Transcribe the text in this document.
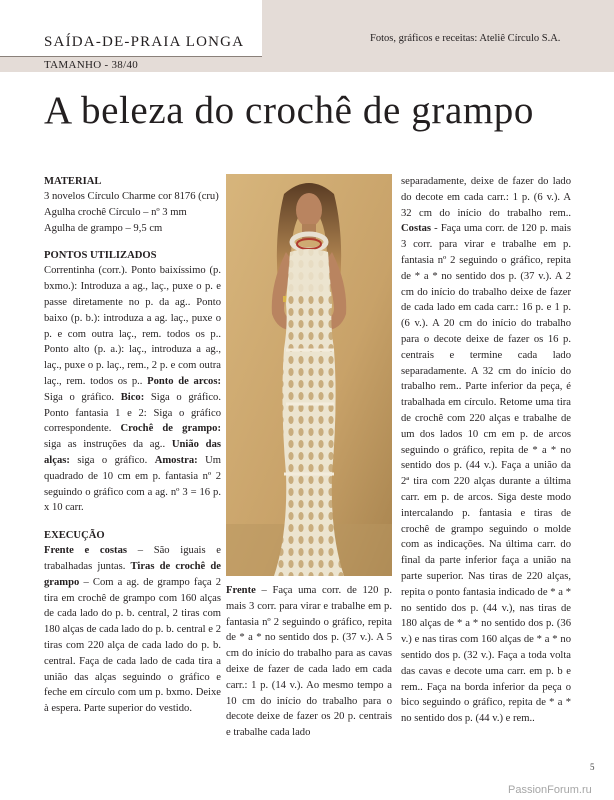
SAÍDA-DE-PRAIA LONGA
TAMANHO - 38/40
Fotos, gráficos e receitas: Ateliê Círculo S.A.
A beleza do crochê de grampo

MATERIAL

3 novelos Círculo Charme cor 8176 (cru)

Agulha crochê Círculo – nº 3 mm

Agulha de grampo – 9,5 cm

PONTOS UTILIZADOS

Correntinha (corr.). Ponto baixíssimo (p. bxmo.): Introduza a ag., laç., puxe o p. e passe diretamente no p. da ag.. Ponto baixo (p. b.): introduza a ag. laç., puxe o p. e com outra laç., rem. todos os p.. Ponto alto (p. a.): laç., introduza a ag., laç., puxe o p. laç., rem., 2 p. e com outra laç., rem. todos os p.. Ponto de arcos: Siga o gráfico. Bico: Siga o gráfico. Ponto fantasia 1 e 2: Siga o gráfico correspondente. Crochê de grampo: siga as instruções da ag.. União das alças: siga o gráfico. Amostra: Um quadrado de 10 cm em p. fantasia nº 2 seguindo o gráfico com a ag. nº 3 = 16 p. x 10 carr.

EXECUÇÃO

Frente e costas – São iguais e trabalhadas juntas. Tiras de crochê de grampo – Com a ag. de grampo faça 2 tira em crochê de grampo com 160 alças de cada lado do p. b. central, 2 tiras com 180 alças de cada lado do p. b. central e 2 tiras com 220 alça de cada lado do p. b. central. Faça de cada lado de cada tira a união das alças seguindo o gráfico e feche em círculo com um p. bxmo. Deixe à espera. Parte superior do vestido.

Frente – Faça uma corr. de 120 p. mais 3 corr. para virar e trabalhe em p. fantasia nº 2 seguindo o gráfico, repita de * a * no sentido dos p. (37 v.). A 5 cm do início do trabalho para as cavas deixe de fazer de cada lado em cada carr.: 1 p. (14 v.). Ao mesmo tempo a 10 cm do início do trabalho para o decote deixe de fazer os 20 p. centrais e trabalhe cada lado

separadamente, deixe de fazer do lado do decote em cada carr.: 1 p. (6 v.). A 32 cm do início do trabalho rem.. Costas - Faça uma corr. de 120 p. mais 3 corr. para virar e trabalhe em p. fantasia nº 2 seguindo o gráfico, repita de * a * no sentido dos p. (37 v.). A 2 cm do início do trabalho deixe de fazer de cada lado em cada carr.: 16 p. e 1 p. (6 v.). A 20 cm do início do trabalho para o decote deixe de fazer os 16 p. centrais e termine cada lado separadamente. A 32 cm do início do trabalho rem.. Parte inferior da peça, é trabalhada em círculo. Retome uma tira de crochê com 220 alças e trabalhe de um dos lados 10 cm em p. de arcos seguindo o gráfico, repita de * a * no sentido dos p. (44 v.). Faça a união da 2ª tira com 220 alças durante a última carr. em p. de arcos. Siga deste modo intercalando p. fantasia e tiras de crochê de grampo seguindo o molde com as indicações. Na última carr. do final da parte inferior faça a união na parte superior. Nas tiras de 220 alças, repita o ponto fantasia indicado de * a * no sentido dos p. (44 v.), nas tiras de 180 alças de * a * no sentido dos p. (36 v.) e nas tiras com 160 alças de * a * no sentido dos p. (32 v.). Faça a toda volta das cavas e decote uma carr. em p. b e rem.. Faça na borda inferior da peça o bico seguindo o gráfico, repita de * a * no sentido dos p. (44 v.) e rem..

5
PassionForum.ru
